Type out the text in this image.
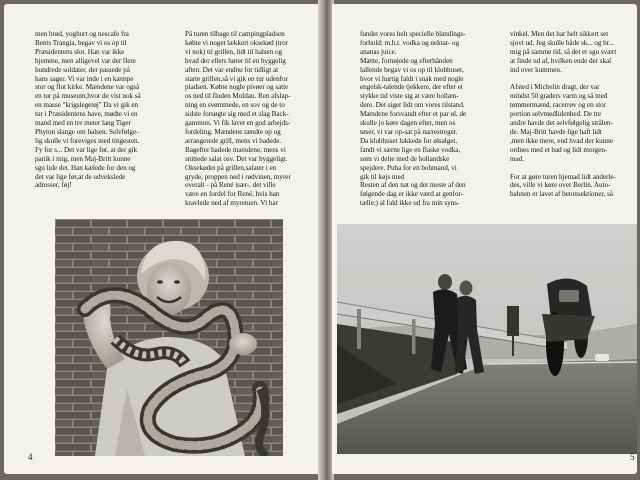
men brød, yoghurt og nescafe fra

Bents Trangia, begav vi os op til

Præsidentens slot. Han var ikke

hjemme, men alligevel var der flere

hundrede soldater, der passede på

hans sager. Vi var inde i en kæmpe

stor og flot kirke. Mændene var også

en tur på museum,hvor de vist nok så

en masse "krigslegetøj" Da vi gik en

tur i Præsidentens have, mødte vi en

mand med en tre meter lang Tiger

Phyton slange om halsen. Selvfølge-

lig skulle vi foreviges med tingesten.

Fy for s... Det var lige før, at der gik

panik i mig, men Maj-Britt kunne

sgu lide det. Han kælede for den og

det var lige før,at de udvekslede

adresser, føj!

På turen tilbage til campingpladsen

købte vi noget lækkert oksekød (tror

vi nok) til grillen, lidt til halsen og

hvad der ellers hører til en hyggelig

aften. Det var endnu for tidligt at

starte grillen,så vi gik en tur udenfor

pladsen. Købte nogle pivøer og satte

os ned til floden Moldau. Ren afslap-

ning en svømmede, en sov og de to

sidste forsøgte sig med et slag Back-

gammon. Vi fik lavet en god arbejds-

fordeling. Mændene tændte op og

arrangerede grill, mens vi badede.

Bagefter badede mændene, mens vi

snittede salat osv. Det var hyggeligt.

Oksekødet på grillen,salater i en

gryde, proppen ned i rødvinen, myrer

overalt - på René især-, det ville

være en fordel for René, hvis han

kravlede ned af myretuen. Vi har

4

fundet vores helt specielle blandings-

forhold: m.h.t. vodka og nektar- og

ananas juice.

Mætte, fornøjede og efterhånden

lallende begav vi os op til klubhuset,

hvor vi hurtig faldt i snak med nogle

engelsk-talende tjekkere, der efter et

stykke tid viste sig at være hollæn-

dere. Det siger lidt om vores tilstand.

Mændene forsvandt efter et par øl, de

skulle jo køre dagen efter, men os

tøser, vi var op-sat på narrestreger.

Da klubhuset lukkede for ølsalget,

fandt vi særne lige en flaske vodka,

som vi delte med de hollandske

spejdere. Puha for en bohmand, vi

gik til køjs med

Resten af den nat og det meste af den

følgende dag er ikke værd at genfor-

tælle;) al fald ikke ud fra min syns-

vinkel. Men det har helt sikkert set

sjovt ud. Jeg skulle både sk... og br...

mig på samme tid, så det er sgu svært

at finde ud af, hvilken ende der skal

ind over kummen.

Afsted i Michelin dragt, der var

mindst 50 graders varm og så med

tømmermænd, racerrøv og en stor

portion selvmedlidenhed. De tre

andre havde det selvfølgelig strålen-

de. Maj-Britt havde lige haft lidt

,men ikke mere, end hvad der kunne

ordnes med et bad og lidt morgen-

mad.

For at gøre turen hjemad lidt anderle-

des, ville vi køre over Berlin. Auto-

bahnen er lavet af betonsektioner, så

5
